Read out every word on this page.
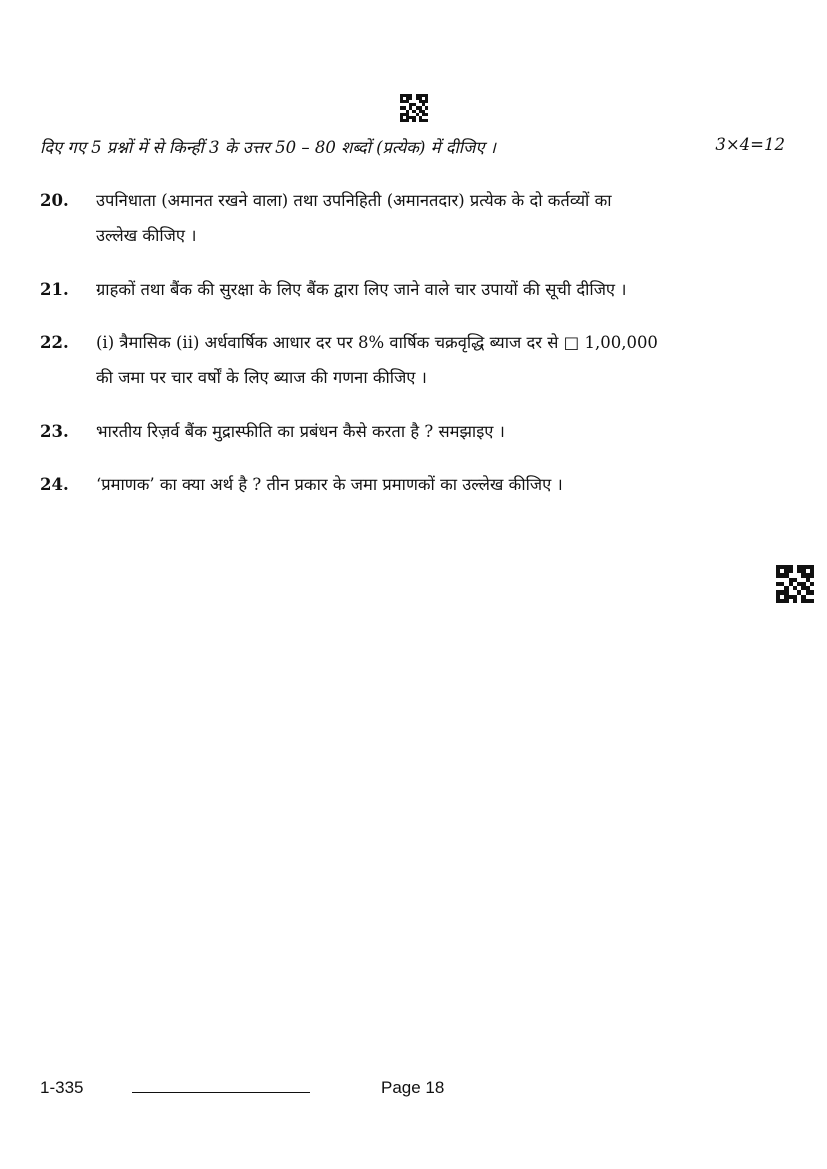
दिए गए 5 प्रश्नों में से किन्हीं 3 के उत्तर 50 – 80 शब्दों (प्रत्येक) में दीजिए ।	3×4=12
20.	उपनिधाता (अमानत रखने वाला) तथा उपनिहिती (अमानतदार) प्रत्येक के दो कर्तव्यों का
उल्लेख कीजिए ।
21.	ग्राहकों तथा बैंक की सुरक्षा के लिए बैंक द्वारा लिए जाने वाले चार उपायों की सूची दीजिए ।
22.	(i) त्रैमासिक (ii) अर्धवार्षिक आधार दर पर 8% वार्षिक चक्रवृद्धि ब्याज दर से □ 1,00,000
की जमा पर चार वर्षों के लिए ब्याज की गणना कीजिए ।
23.	भारतीय रिज़र्व बैंक मुद्रास्फीति का प्रबंधन कैसे करता है ? समझाइए ।
24.	‘प्रमाणक’ का क्या अर्थ है ? तीन प्रकार के जमा प्रमाणकों का उल्लेख कीजिए ।
1-335	Page 18
